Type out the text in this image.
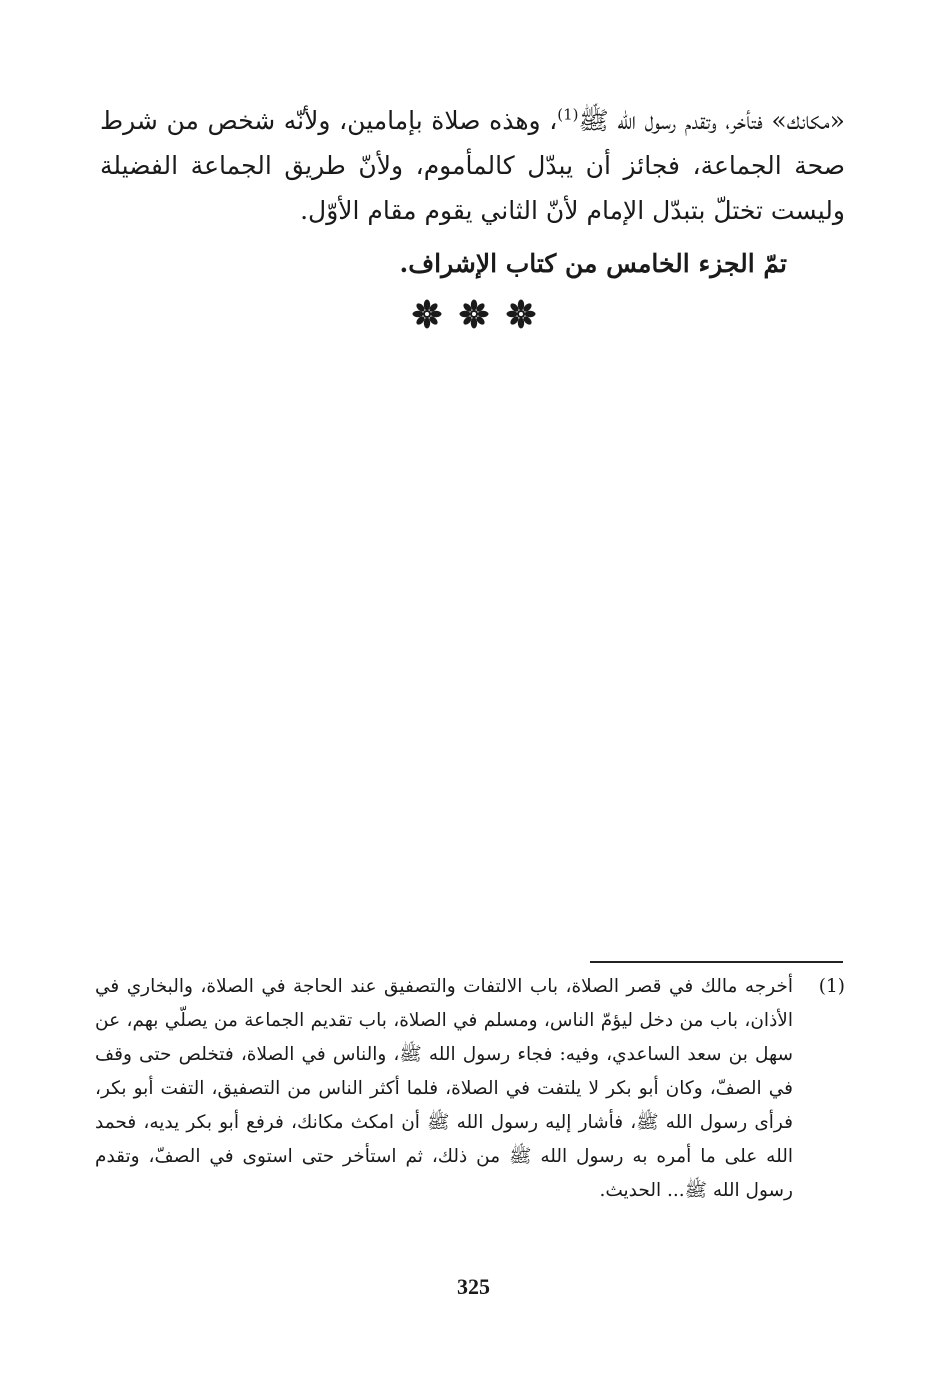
«مكانك» فتأخر، وتقدم رسول الله ﷺ$^{(1)}$، وهذه صلاة بإمامين، ولأنّه شخص من شرط صحة الجماعة، فجائز أن يبدّل كالمأموم، ولأنّ طريق الجماعة الفضيلة وليست تختلّ بتبدّل الإمام لأنّ الثاني يقوم مقام الأوّل.

تمّ الجزء الخامس من كتاب الإشراف.

(1)
أخرجه مالك في قصر الصلاة، باب الالتفات والتصفيق عند الحاجة في الصلاة، والبخاري في الأذان، باب من دخل ليؤمّ الناس، ومسلم في الصلاة، باب تقديم الجماعة من يصلّي بهم، عن سهل بن سعد الساعدي، وفيه: فجاء رسول الله ﷺ، والناس في الصلاة، فتخلص حتى وقف في الصفّ، وكان أبو بكر لا يلتفت في الصلاة، فلما أكثر الناس من التصفيق، التفت أبو بكر، فرأى رسول الله ﷺ، فأشار إليه رسول الله ﷺ أن امكث مكانك، فرفع أبو بكر يديه، فحمد الله على ما أمره به رسول الله ﷺ من ذلك، ثم استأخر حتى استوى في الصفّ، وتقدم رسول الله ﷺ... الحديث.

325
